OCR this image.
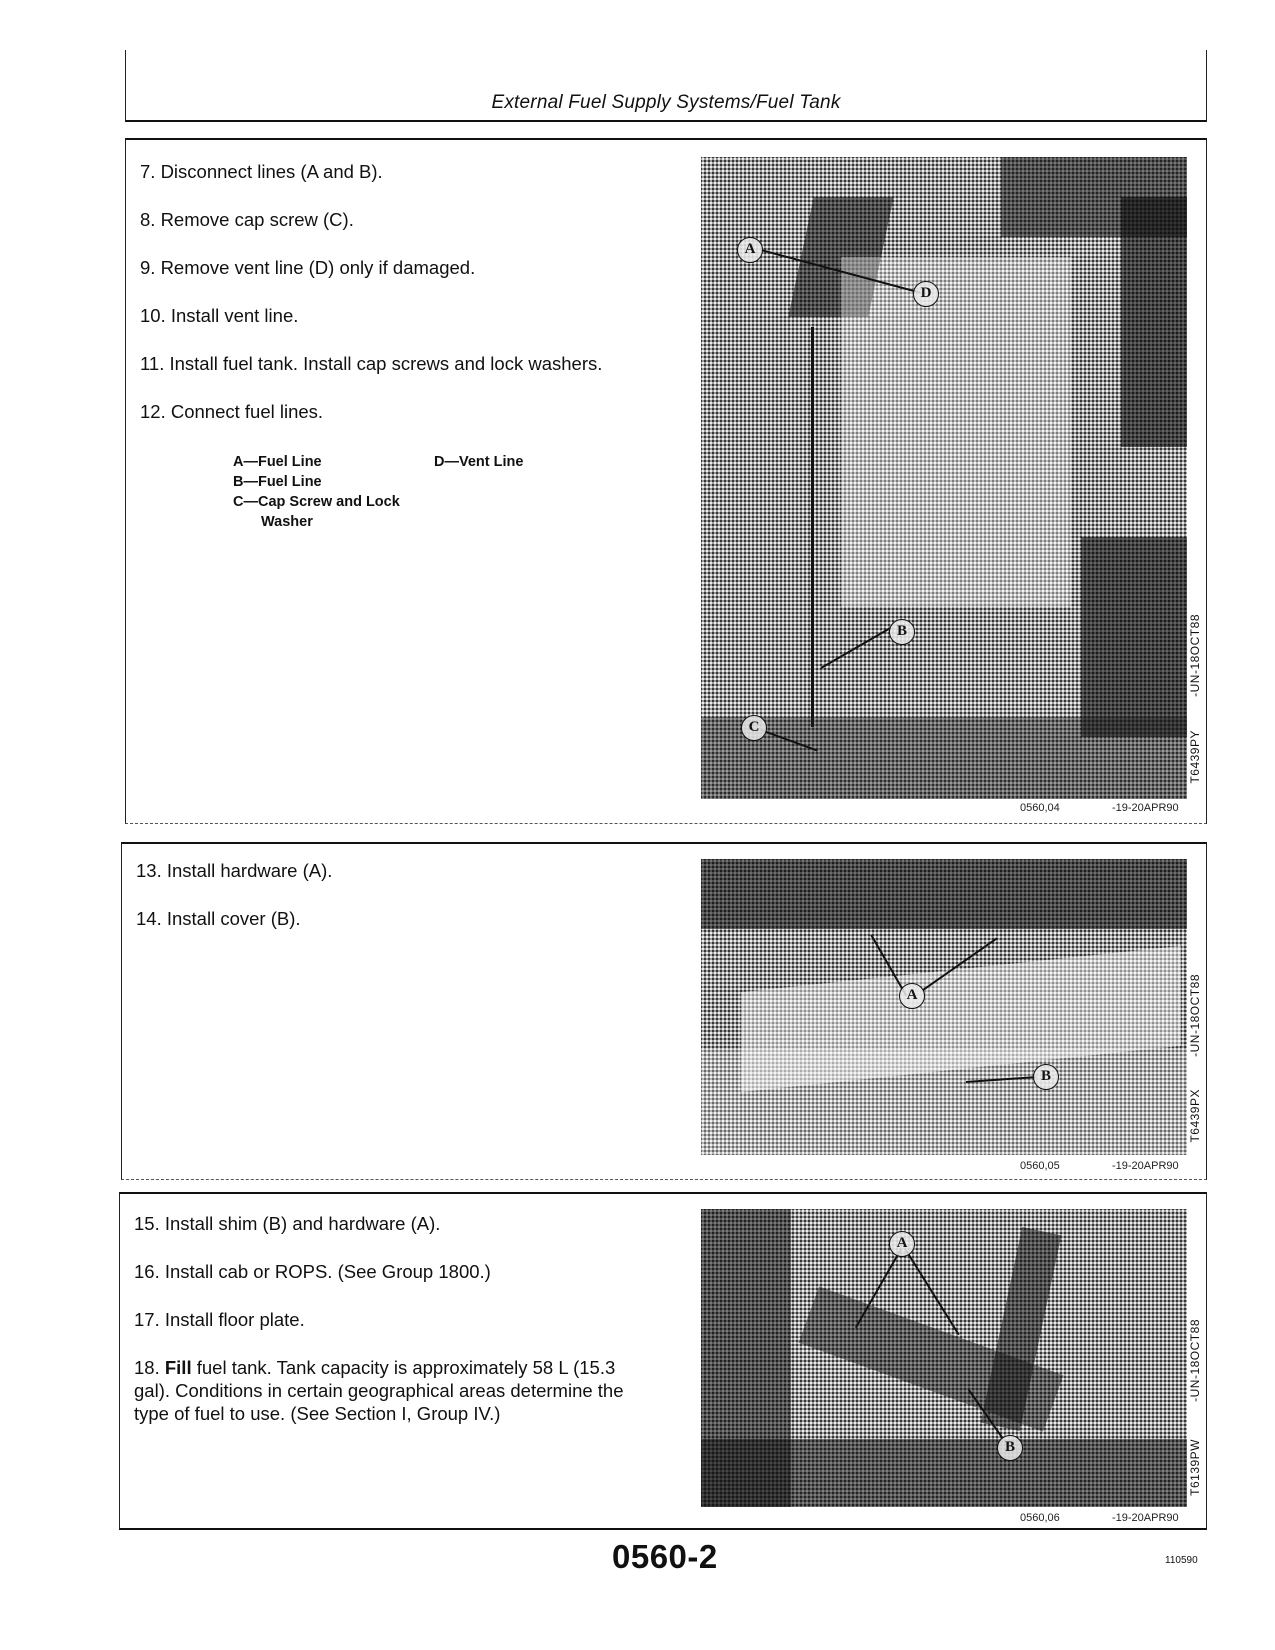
External Fuel Supply Systems/Fuel Tank

7. Disconnect lines (A and B).

8. Remove cap screw (C).

9. Remove vent line (D) only if damaged.

10. Install vent line.

11. Install fuel tank. Install cap screws and lock washers.

12. Connect fuel lines.

A—Fuel Line
B—Fuel Line
C—Cap Screw and Lock
Washer
D—Vent Line
A
D
B
C
T6439PY
-UN-18OCT88
0560,04	-19-20APR90

13. Install hardware (A).

14. Install cover (B).

A
B
T6439PX
-UN-18OCT88
0560,05	-19-20APR90

15. Install shim (B) and hardware (A).

16. Install cab or ROPS. (See Group 1800.)

17. Install floor plate.

18. Fill fuel tank. Tank capacity is approximately 58 L (15.3 gal). Conditions in certain geographical areas determine the type of fuel to use. (See Section I, Group IV.)

A
B	T6139PW
-UN-18OCT88
0560,06	-19-20APR90
0560-2	110590
